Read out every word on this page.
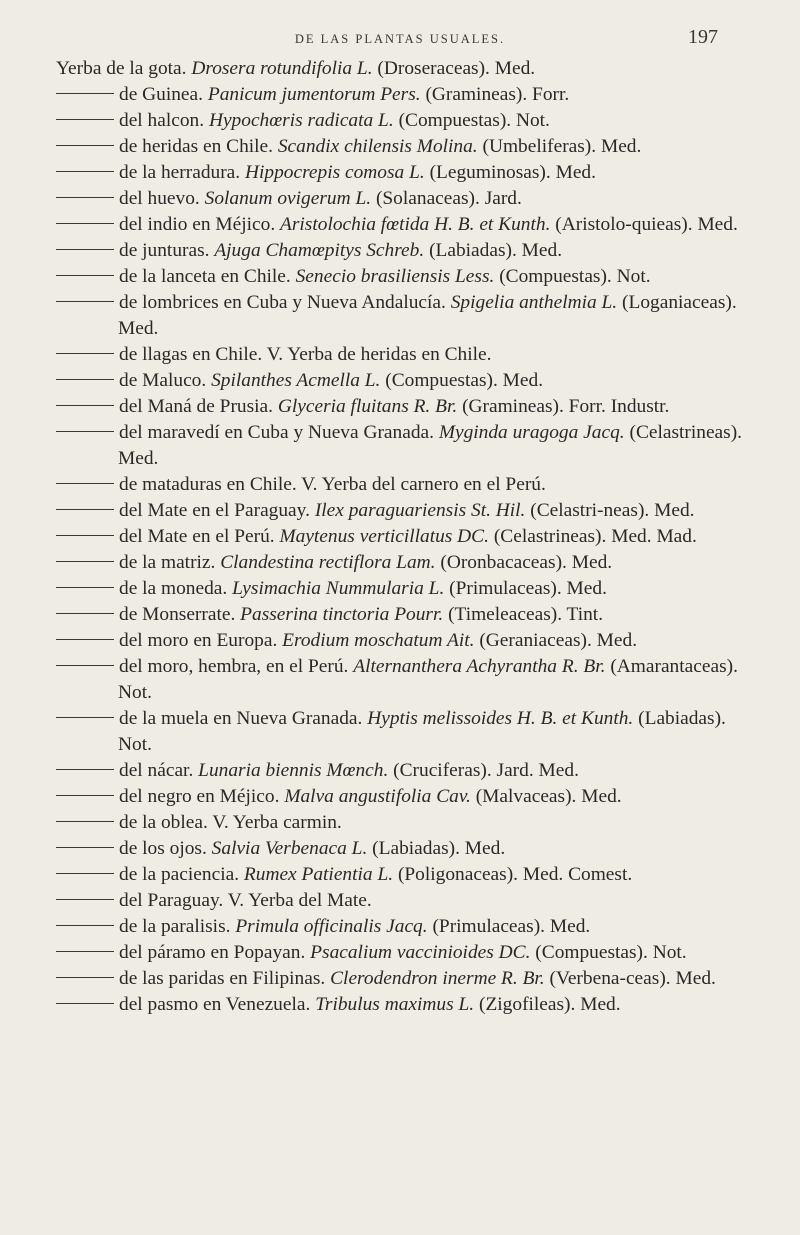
DE LAS PLANTAS USUALES.	197

Yerba de la gota. Drosera rotundifolia L. (Droseraceas). Med.

de Guinea. Panicum jumentorum Pers. (Gramineas). Forr.

del halcon. Hypochœris radicata L. (Compuestas). Not.

de heridas en Chile. Scandix chilensis Molina. (Umbeliferas). Med.

de la herradura. Hippocrepis comosa L. (Leguminosas). Med.

del huevo. Solanum ovigerum L. (Solanaceas). Jard.

del indio en Méjico. Aristolochia fœtida H. B. et Kunth. (Aristolo-quieas). Med.

de junturas. Ajuga Chamœpitys Schreb. (Labiadas). Med.

de la lanceta en Chile. Senecio brasiliensis Less. (Compuestas). Not.

de lombrices en Cuba y Nueva Andalucía. Spigelia anthelmia L. (Loganiaceas). Med.

de llagas en Chile. V. Yerba de heridas en Chile.

de Maluco. Spilanthes Acmella L. (Compuestas). Med.

del Maná de Prusia. Glyceria fluitans R. Br. (Gramineas). Forr. Industr.

del maravedí en Cuba y Nueva Granada. Myginda uragoga Jacq. (Celastrineas). Med.

de mataduras en Chile. V. Yerba del carnero en el Perú.

del Mate en el Paraguay. Ilex paraguariensis St. Hil. (Celastri-neas). Med.

del Mate en el Perú. Maytenus verticillatus DC. (Celastrineas). Med. Mad.

de la matriz. Clandestina rectiflora Lam. (Oronbacaceas). Med.

de la moneda. Lysimachia Nummularia L. (Primulaceas). Med.

de Monserrate. Passerina tinctoria Pourr. (Timeleaceas). Tint.

del moro en Europa. Erodium moschatum Ait. (Geraniaceas). Med.

del moro, hembra, en el Perú. Alternanthera Achyrantha R. Br. (Amarantaceas). Not.

de la muela en Nueva Granada. Hyptis melissoides H. B. et Kunth. (Labiadas). Not.

del nácar. Lunaria biennis Mœnch. (Cruciferas). Jard. Med.

del negro en Méjico. Malva angustifolia Cav. (Malvaceas). Med.

de la oblea. V. Yerba carmin.

de los ojos. Salvia Verbenaca L. (Labiadas). Med.

de la paciencia. Rumex Patientia L. (Poligonaceas). Med. Comest.

del Paraguay. V. Yerba del Mate.

de la paralisis. Primula officinalis Jacq. (Primulaceas). Med.

del páramo en Popayan. Psacalium vaccinioides DC. (Compuestas). Not.

de las paridas en Filipinas. Clerodendron inerme R. Br. (Verbena-ceas). Med.

del pasmo en Venezuela. Tribulus maximus L. (Zigofileas). Med.
